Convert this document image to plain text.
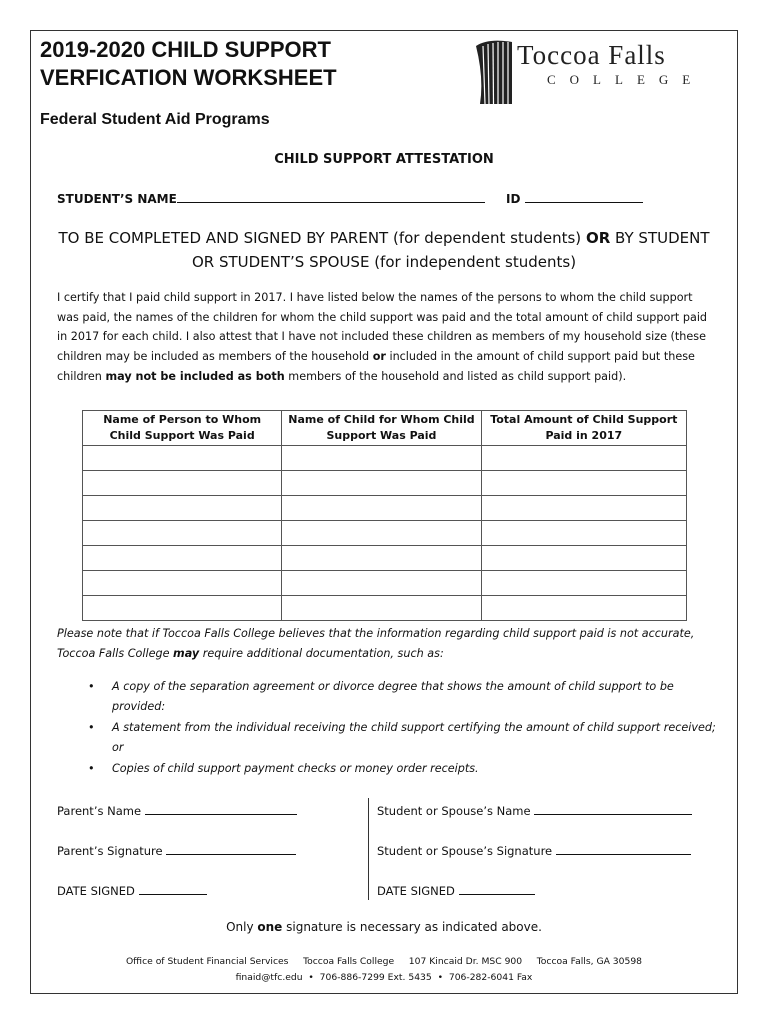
2019-2020 CHILD SUPPORT
VERFICATION WORKSHEET
Toccoa Falls
COLLEGE
Federal Student Aid Programs
CHILD SUPPORT ATTESTATION
STUDENT’S NAME	ID
TO BE COMPLETED AND SIGNED BY PARENT (for dependent students) OR BY STUDENT
OR STUDENT’S SPOUSE (for independent students)

I certify that I paid child support in 2017. I have listed below the names of the persons to whom the child support was paid, the names of the children for whom the child support was paid and the total amount of child support paid in 2017 for each child. I also attest that I have not included these children as members of my household size (these children may be included as members of the household or included in the amount of child support paid but these children may not be included as both members of the household and listed as child support paid).

Name of Person to Whom Child Support Was Paid	Name of Child for Whom Child Support Was Paid	Total Amount of Child Support Paid in 2017

Please note that if Toccoa Falls College believes that the information regarding child support paid is not accurate, Toccoa Falls College may require additional documentation, such as:

• A copy of the separation agreement or divorce degree that shows the amount of child support to be provided:
• A statement from the individual receiving the child support certifying the amount of child support received; or
• Copies of child support payment checks or money order receipts.
Parent’s Name
Parent’s Signature
DATE SIGNED
Student or Spouse’s Name
Student or Spouse’s Signature
DATE SIGNED
Only one signature is necessary as indicated above.
Office of Student Financial Services Toccoa Falls College 107 Kincaid Dr. MSC 900 Toccoa Falls, GA 30598
finaid@tfc.edu  •  706-886-7299 Ext. 5435  •  706-282-6041 Fax
